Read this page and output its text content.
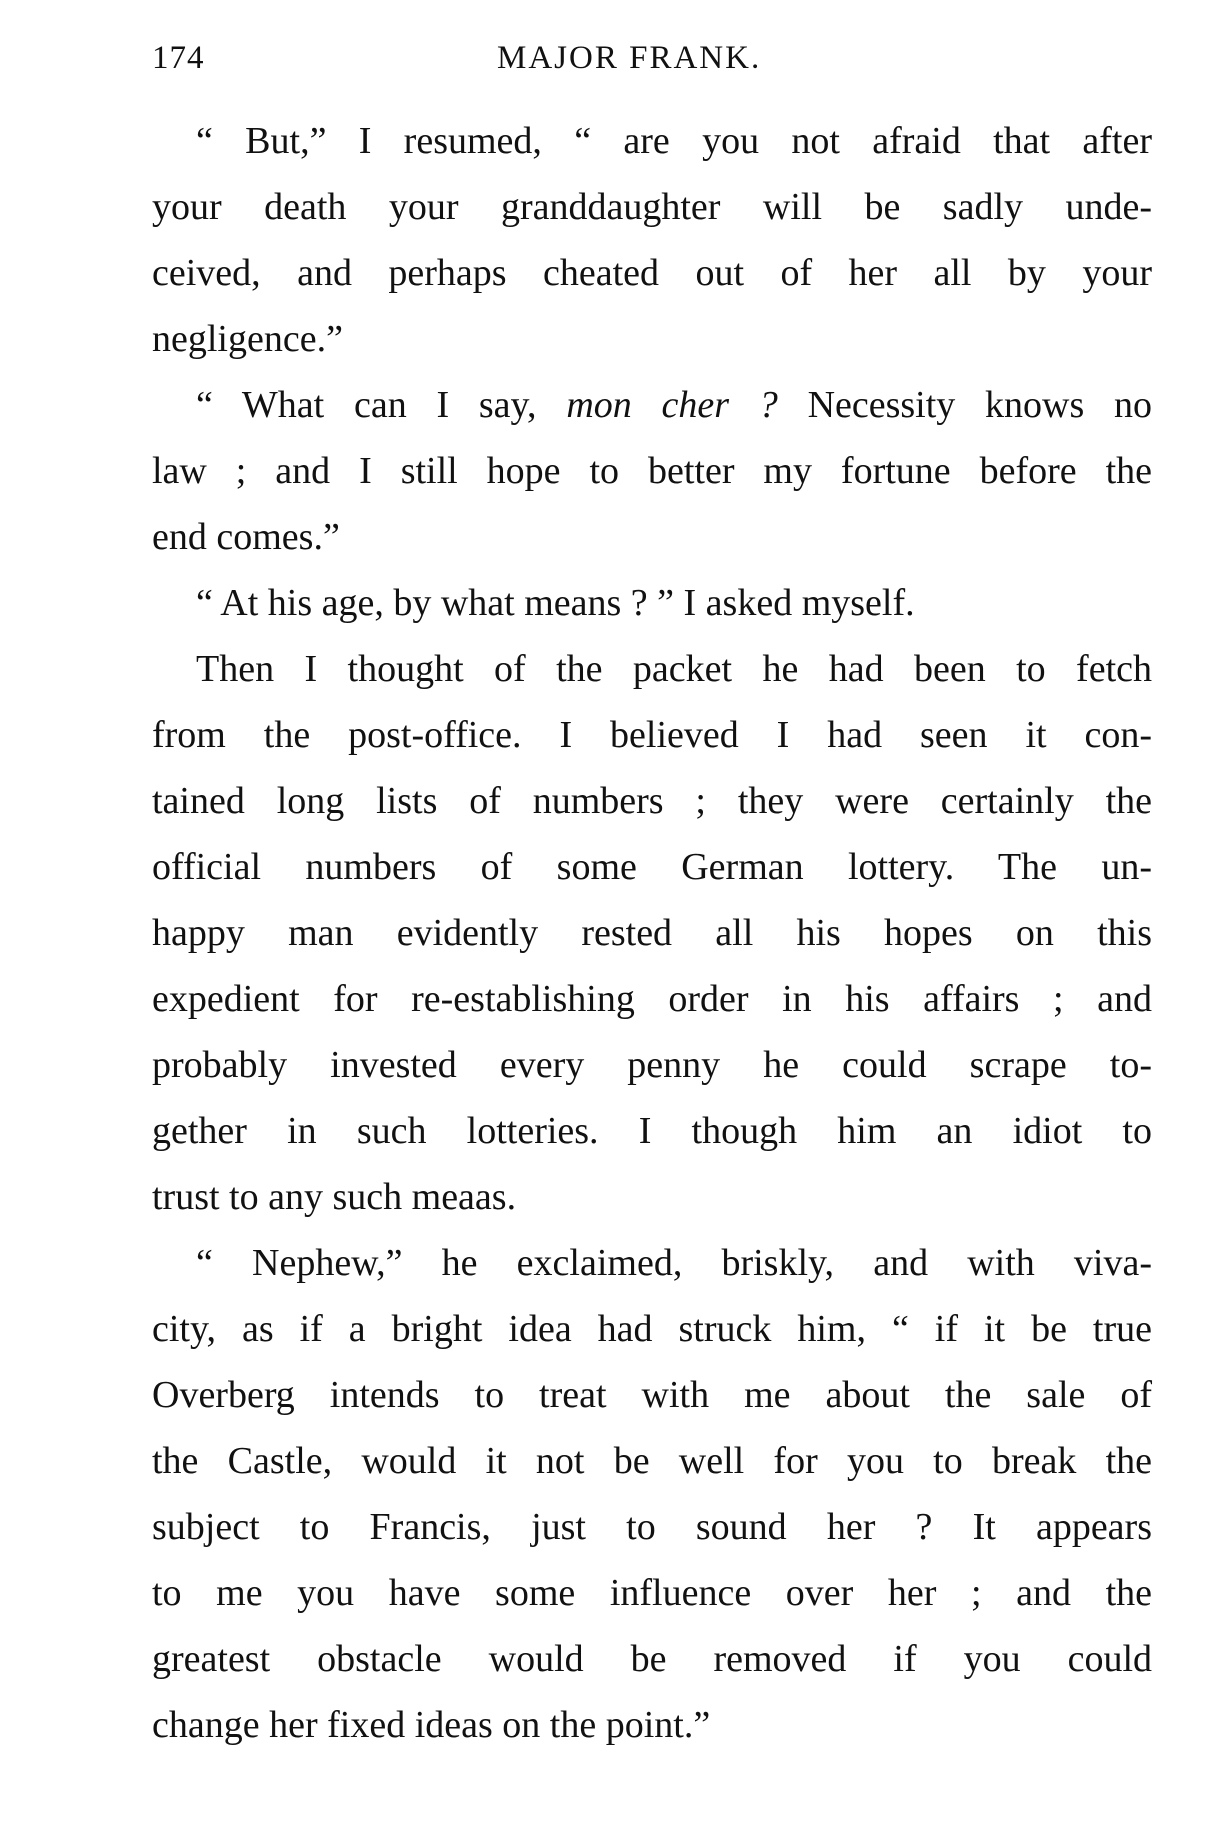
174	MAJOR FRANK.
“ But,” I resumed, “ are you not afraid that after
your death your granddaughter will be sadly unde-
ceived, and perhaps cheated out of her all by your
negligence.”
“ What can I say, mon cher ? Necessity knows no
law ; and I still hope to better my fortune before the
end comes.”
“ At his age, by what means ? ” I asked myself.
Then I thought of the packet he had been to fetch
from the post-office. I believed I had seen it con-
tained long lists of numbers ; they were certainly the
official numbers of some German lottery. The un-
happy man evidently rested all his hopes on this
expedient for re-establishing order in his affairs ; and
probably invested every penny he could scrape to-
gether in such lotteries. I though him an idiot to
trust to any such meaas.
“ Nephew,” he exclaimed, briskly, and with viva-
city, as if a bright idea had struck him, “ if it be true
Overberg intends to treat with me about the sale of
the Castle, would it not be well for you to break the
subject to Francis, just to sound her ? It appears
to me you have some influence over her ; and the
greatest obstacle would be removed if you could
change her fixed ideas on the point.”
